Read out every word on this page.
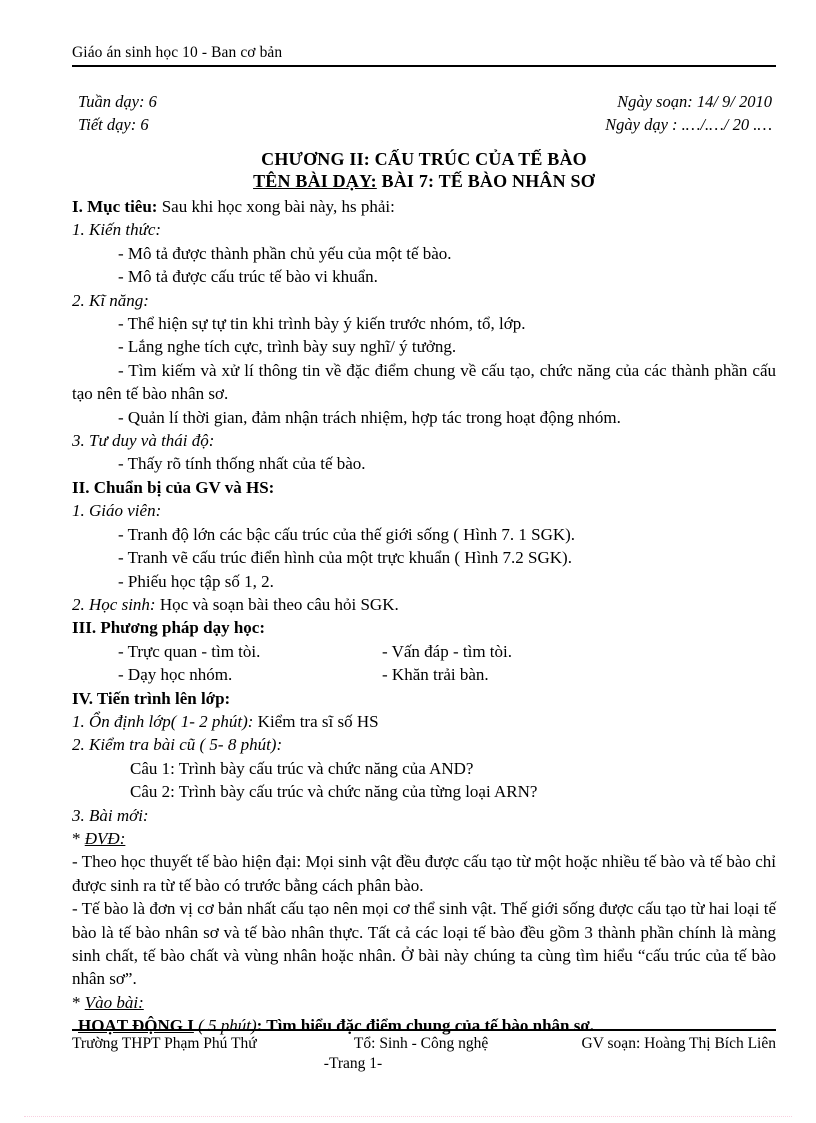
Giáo án sinh học 10 - Ban cơ bản
Tuần dạy: 6	Ngày soạn: 14/ 9/ 2010
Tiết dạy: 6	Ngày dạy : .…/.…/ 20 .…
CHƯƠNG II: CẤU TRÚC CỦA TẾ BÀO
TÊN BÀI DẠY: BÀI 7: TẾ BÀO NHÂN SƠ
I. Mục tiêu: Sau khi học xong bài này, hs phải:
1. Kiến thức:
- Mô tả được thành phần chủ yếu của một tế bào.
- Mô tả được cấu trúc tế bào vi khuẩn.
2. Kĩ năng:
- Thể hiện sự tự tin khi trình bày ý kiến trước nhóm, tổ, lớp.
- Lắng nghe tích cực, trình bày suy nghĩ/ ý tưởng.
- Tìm kiếm và xử lí thông tin về đặc điểm chung về cấu tạo, chức năng của các thành phần cấu tạo nên tế bào nhân sơ.
- Quản lí thời gian, đảm nhận trách nhiệm, hợp tác trong hoạt động nhóm.
3. Tư duy và thái độ:
- Thấy rõ tính thống nhất của tế bào.
II. Chuẩn bị của GV và HS:
1. Giáo viên:
- Tranh độ lớn các bậc cấu trúc của thế giới sống ( Hình 7. 1 SGK).
- Tranh vẽ cấu trúc điển hình của một trực khuẩn ( Hình 7.2 SGK).
- Phiếu học tập số 1, 2.
2. Học sinh: Học và soạn bài theo câu hỏi SGK.
III. Phương pháp dạy học:
- Trực quan - tìm tòi.	- Vấn đáp - tìm tòi.
- Dạy học nhóm.	- Khăn trải bàn.
IV. Tiến trình lên lớp:
1. Ổn định lớp( 1- 2 phút): Kiểm tra sĩ số HS
2. Kiểm tra bài cũ ( 5- 8 phút):
Câu 1: Trình bày cấu trúc và chức năng của AND?
Câu 2: Trình bày cấu trúc và chức năng của từng loại ARN?
3. Bài mới:
* ĐVĐ:
- Theo học thuyết tế bào hiện đại: Mọi sinh vật đều được cấu tạo từ một hoặc nhiều tế bào và tế bào chỉ được sinh ra từ tế bào có trước bằng cách phân bào.
- Tế bào là đơn vị cơ bản nhất cấu tạo nên mọi cơ thể sinh vật. Thế giới sống được cấu tạo từ hai loại tế bào là tế bào nhân sơ và tế bào nhân thực. Tất cả các loại tế bào đều gồm 3 thành phần chính là màng sinh chất, tế bào chất và vùng nhân hoặc nhân. Ở bài này chúng ta cùng tìm hiểu “cấu trúc của tế bào nhân sơ”.
* Vào bài:
HOẠT ĐỘNG I ( 5 phút): Tìm hiểu đặc điểm chung của tế bào nhân sơ.
Trường THPT Phạm Phú Thứ	Tổ: Sinh - Công nghệ	GV soạn: Hoàng Thị Bích Liên
-Trang 1-
